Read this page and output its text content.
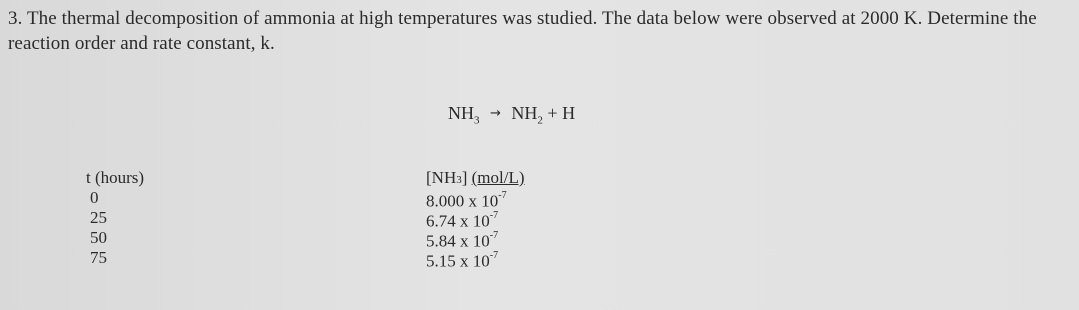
3. The thermal decomposition of ammonia at high temperatures was studied. The data below were observed at 2000 K. Determine the reaction order and rate constant, k.
$NH_3 \to NH_2 + H$
t (hours)
0
25
50
75
[NH3] (mol/L)
8.000 x $10^{-7}$
6.74 x $10^{-7}$
5.84 x $10^{-7}$
5.15 x $10^{-7}$
